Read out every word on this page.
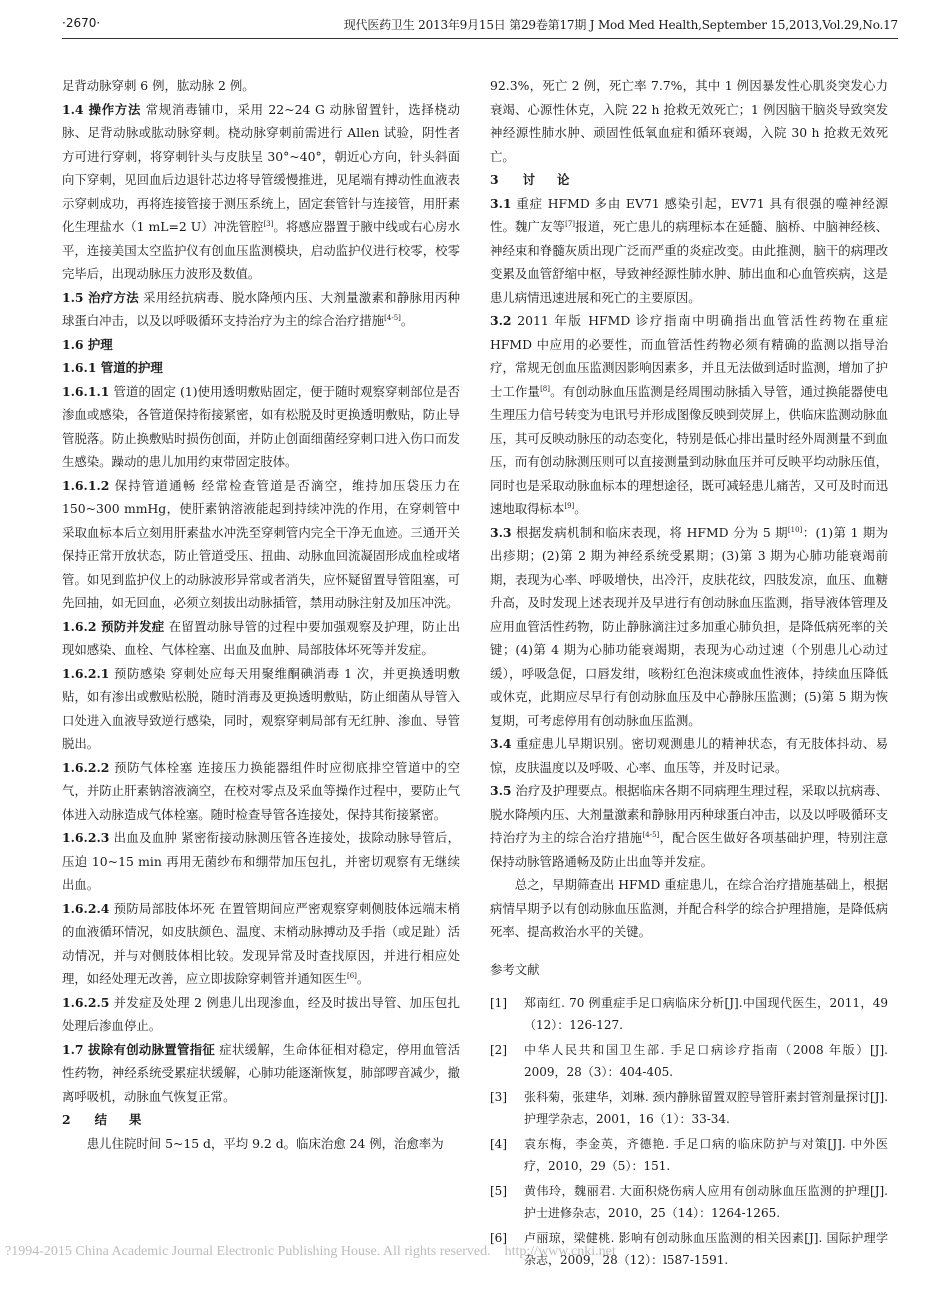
·2670·	现代医药卫生 2013年9月15日 第29卷第17期 J Mod Med Health,September 15,2013,Vol.29,No.17

足背动脉穿刺 6 例，肱动脉 2 例。

1.4 操作方法 常规消毒铺巾，采用 22~24 G 动脉留置针，选择桡动脉、足背动脉或肱动脉穿刺。桡动脉穿刺前需进行 Allen 试验，阴性者方可进行穿刺，将穿刺针头与皮肤呈 30°~40°，朝近心方向，针头斜面向下穿刺，见回血后边退针芯边将导管缓慢推进，见尾端有搏动性血液表示穿刺成功，再将连接管接于测压系统上，固定套管针与连接管，用肝素化生理盐水（1 mL=2 U）冲洗管腔[3]。将感应器置于腋中线或右心房水平，连接美国太空监护仪有创血压监测模块，启动监护仪进行校零，校零完毕后，出现动脉压力波形及数值。

1.5 治疗方法 采用经抗病毒、脱水降颅内压、大剂量激素和静脉用丙种球蛋白冲击，以及以呼吸循环支持治疗为主的综合治疗措施[4-5]。

1.6 护理

1.6.1 管道的护理

1.6.1.1 管道的固定 (1)使用透明敷贴固定，便于随时观察穿刺部位是否渗血或感染，各管道保持衔接紧密，如有松脱及时更换透明敷贴，防止导管脱落。防止换敷贴时损伤创面，并防止创面细菌经穿刺口进入伤口而发生感染。躁动的患儿加用约束带固定肢体。

1.6.1.2 保持管道通畅 经常检查管道是否滴空，维持加压袋压力在 150~300 mmHg，使肝素钠溶液能起到持续冲洗的作用，在穿刺管中采取血标本后立刻用肝素盐水冲洗至穿刺管内完全干净无血迹。三通开关保持正常开放状态，防止管道受压、扭曲、动脉血回流凝固形成血栓或堵管。如见到监护仪上的动脉波形异常或者消失，应怀疑留置导管阻塞，可先回抽，如无回血，必须立刻拔出动脉插管，禁用动脉注射及加压冲洗。

1.6.2 预防并发症 在留置动脉导管的过程中要加强观察及护理，防止出现如感染、血栓、气体栓塞、出血及血肿、局部肢体坏死等并发症。

1.6.2.1 预防感染 穿刺处应每天用聚维酮碘消毒 1 次，并更换透明敷贴，如有渗出或敷贴松脱，随时消毒及更换透明敷贴，防止细菌从导管入口处进入血液导致逆行感染，同时，观察穿刺局部有无红肿、渗血、导管脱出。

1.6.2.2 预防气体栓塞 连接压力换能器组件时应彻底排空管道中的空气，并防止肝素钠溶液滴空，在校对零点及采血等操作过程中，要防止气体进入动脉造成气体栓塞。随时检查导管各连接处，保持其衔接紧密。

1.6.2.3 出血及血肿 紧密衔接动脉测压管各连接处，拔除动脉导管后，压迫 10~15 min 再用无菌纱布和绷带加压包扎，并密切观察有无继续出血。

1.6.2.4 预防局部肢体坏死 在置管期间应严密观察穿刺侧肢体远端末梢的血液循环情况，如皮肤颜色、温度、末梢动脉搏动及手指（或足趾）活动情况，并与对侧肢体相比较。发现异常及时查找原因，并进行相应处理，如经处理无改善，应立即拔除穿刺管并通知医生[6]。

1.6.2.5 并发症及处理 2 例患儿出现渗血，经及时拔出导管、加压包扎处理后渗血停止。

1.7 拔除有创动脉置管指征 症状缓解，生命体征相对稳定，停用血管活性药物，神经系统受累症状缓解，心肺功能逐渐恢复，肺部啰音减少，撤离呼吸机，动脉血气恢复正常。

2 结果

患儿住院时间 5~15 d，平均 9.2 d。临床治愈 24 例，治愈率为

92.3%，死亡 2 例，死亡率 7.7%，其中 1 例因暴发性心肌炎突发心力衰竭、心源性休克，入院 22 h 抢救无效死亡；1 例因脑干脑炎导致突发神经源性肺水肿、顽固性低氧血症和循环衰竭，入院 30 h 抢救无效死亡。

3 讨论

3.1 重症 HFMD 多由 EV71 感染引起，EV71 具有很强的噬神经源性。魏广友等[7]报道，死亡患儿的病理标本在延髓、脑桥、中脑神经核、神经束和脊髓灰质出现广泛而严重的炎症改变。由此推测，脑干的病理改变累及血管舒缩中枢，导致神经源性肺水肿、肺出血和心血管疾病，这是患儿病情迅速进展和死亡的主要原因。

3.2 2011 年版 HFMD 诊疗指南中明确指出血管活性药物在重症 HFMD 中应用的必要性，而血管活性药物必须有精确的监测以指导治疗，常规无创血压监测因影响因素多，并且无法做到适时监测，增加了护士工作量[8]。有创动脉血压监测是经周围动脉插入导管，通过换能器使电生理压力信号转变为电讯号并形成图像反映到荧屏上，供临床监测动脉血压，其可反映动脉压的动态变化，特别是低心排出量时经外周测量不到血压，而有创动脉测压则可以直接测量到动脉血压并可反映平均动脉压值，同时也是采取动脉血标本的理想途径，既可减轻患儿痛苦，又可及时而迅速地取得标本[9]。

3.3 根据发病机制和临床表现，将 HFMD 分为 5 期[10]：(1)第 1 期为出疹期；(2)第 2 期为神经系统受累期；(3)第 3 期为心肺功能衰竭前期，表现为心率、呼吸增快，出冷汗，皮肤花纹，四肢发凉，血压、血糖升高，及时发现上述表现并及早进行有创动脉血压监测，指导液体管理及应用血管活性药物，防止静脉滴注过多加重心肺负担，是降低病死率的关键；(4)第 4 期为心肺功能衰竭期，表现为心动过速（个别患儿心动过缓），呼吸急促，口唇发绀，咳粉红色泡沫痰或血性液体，持续血压降低或休克，此期应尽早行有创动脉血压及中心静脉压监测；(5)第 5 期为恢复期，可考虑停用有创动脉血压监测。

3.4 重症患儿早期识别。密切观测患儿的精神状态，有无肢体抖动、易惊，皮肤温度以及呼吸、心率、血压等，并及时记录。

3.5 治疗及护理要点。根据临床各期不同病理生理过程，采取以抗病毒、脱水降颅内压、大剂量激素和静脉用丙种球蛋白冲击，以及以呼吸循环支持治疗为主的综合治疗措施[4-5]，配合医生做好各项基础护理，特别注意保持动脉管路通畅及防止出血等并发症。

总之，早期筛查出 HFMD 重症患儿，在综合治疗措施基础上，根据病情早期予以有创动脉血压监测，并配合科学的综合护理措施，是降低病死率、提高救治水平的关键。

参考文献
[1] 郑南红. 70 例重症手足口病临床分析[J].中国现代医生，2011，49（12）：126-127.
[2] 中华人民共和国卫生部. 手足口病诊疗指南（2008 年版）[J]. 2009，28（3）：404-405.
[3] 张科菊，张建华，刘琳. 颈内静脉留置双腔导管肝素封管剂量探讨[J]. 护理学杂志，2001，16（1）：33-34.
[4] 袁东梅，李金英，齐德艳. 手足口病的临床防护与对策[J]. 中外医疗，2010，29（5）：151.
[5] 黄伟玲，魏丽君. 大面积烧伤病人应用有创动脉血压监测的护理[J]. 护士进修杂志，2010，25（14）：1264-1265.
[6] 卢丽琼，梁健桃. 影响有创动脉血压监测的相关因素[J]. 国际护理学杂志，2009，28（12）：l587-1591.
?1994-2015 China Academic Journal Electronic Publishing House. All rights reserved.    http://www.cnki.net
